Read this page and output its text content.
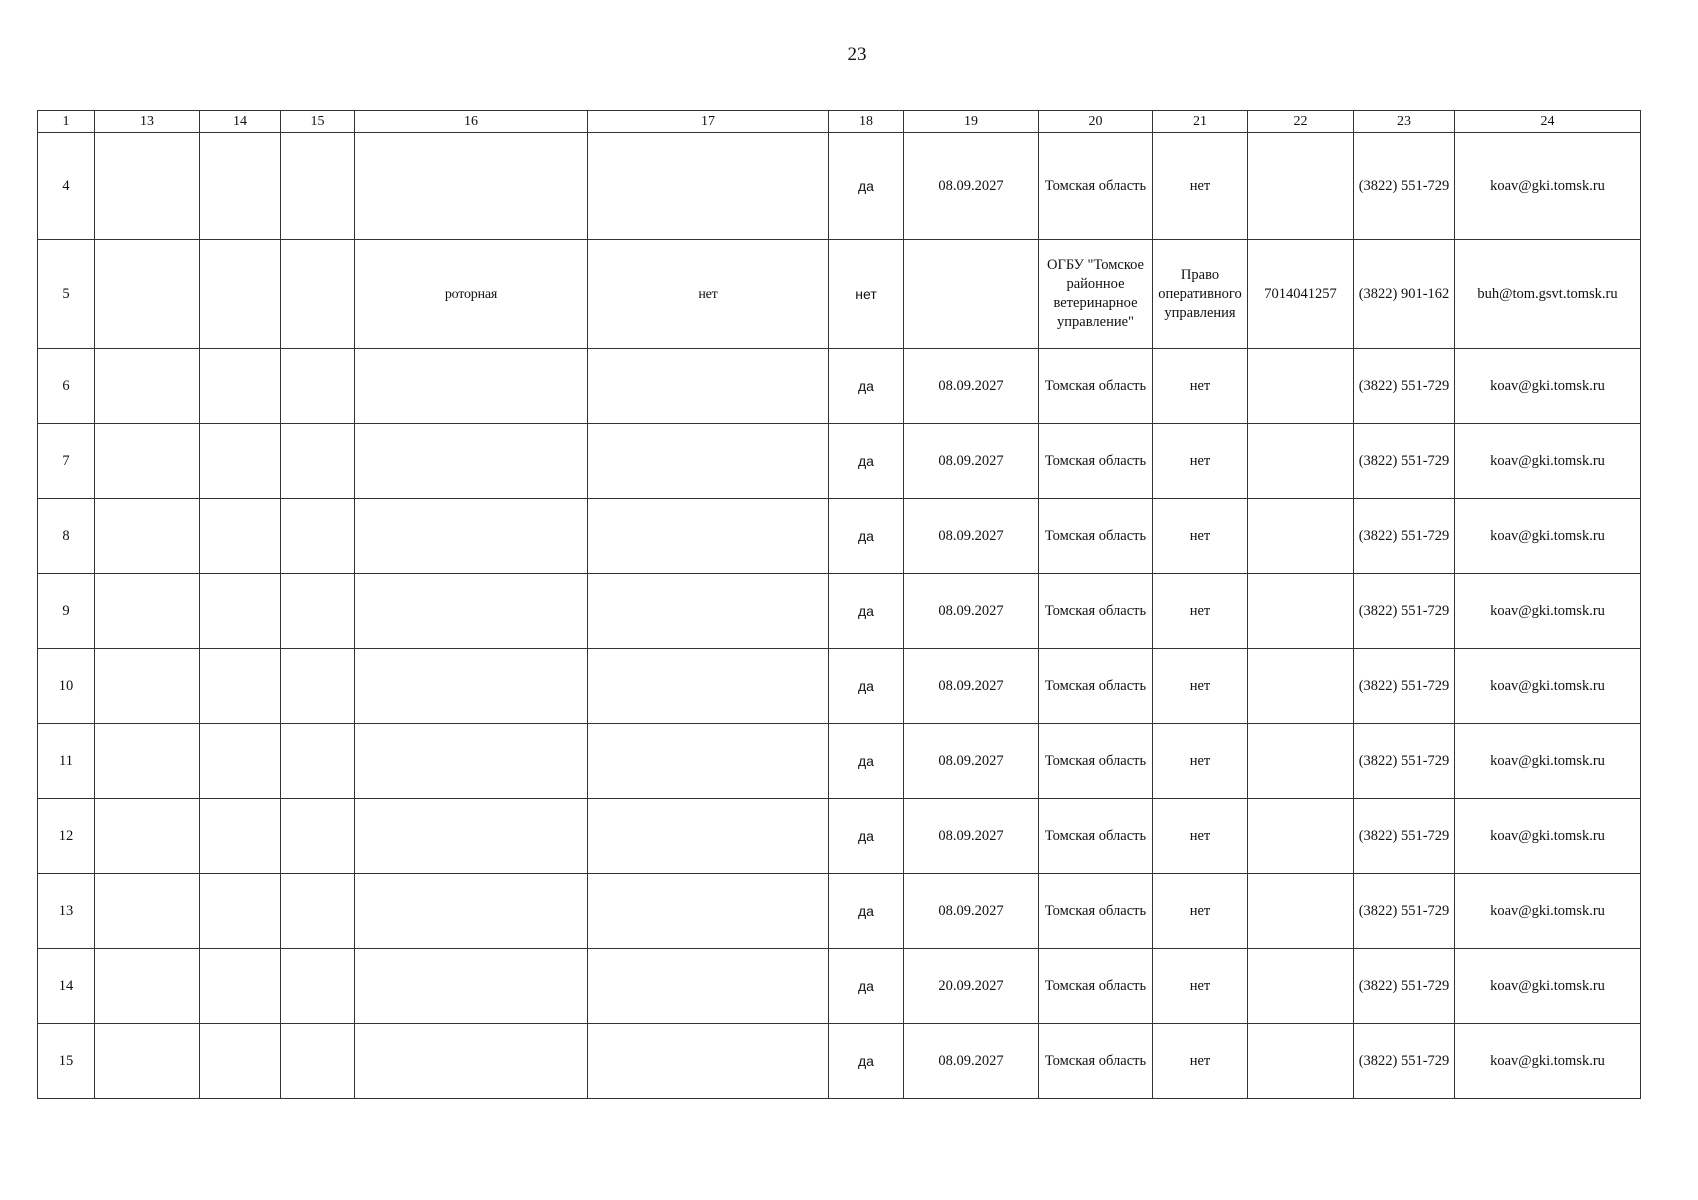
23
1	13	14	15	16	17	18	19	20	21	22	23	24
4						да	08.09.2027	Томская область	нет		(3822) 551-729	koav@gki.tomsk.ru
5				роторная	нет	нет		ОГБУ "Томское районное ветеринарное управление"	Право оперативного управления	7014041257	(3822) 901-162	buh@tom.gsvt.tomsk.ru
6						да	08.09.2027	Томская область	нет		(3822) 551-729	koav@gki.tomsk.ru
7						да	08.09.2027	Томская область	нет		(3822) 551-729	koav@gki.tomsk.ru
8						да	08.09.2027	Томская область	нет		(3822) 551-729	koav@gki.tomsk.ru
9						да	08.09.2027	Томская область	нет		(3822) 551-729	koav@gki.tomsk.ru
10						да	08.09.2027	Томская область	нет		(3822) 551-729	koav@gki.tomsk.ru
11						да	08.09.2027	Томская область	нет		(3822) 551-729	koav@gki.tomsk.ru
12						да	08.09.2027	Томская область	нет		(3822) 551-729	koav@gki.tomsk.ru
13						да	08.09.2027	Томская область	нет		(3822) 551-729	koav@gki.tomsk.ru
14						да	20.09.2027	Томская область	нет		(3822) 551-729	koav@gki.tomsk.ru
15						да	08.09.2027	Томская область	нет		(3822) 551-729	koav@gki.tomsk.ru
